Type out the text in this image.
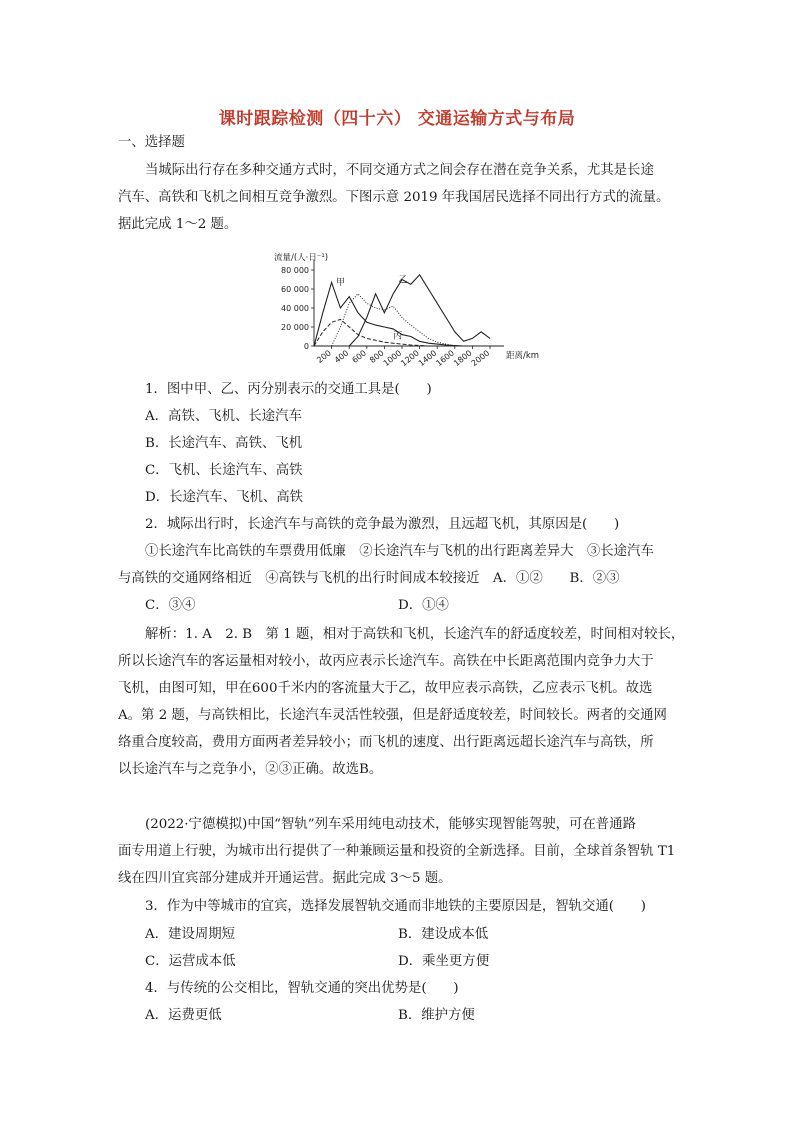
课时跟踪检测（四十六） 交通运输方式与布局
一、选择题
当城际出行存在多种交通方式时，不同交通方式之间会存在潜在竞争关系，尤其是长途
汽车、高铁和飞机之间相互竞争激烈。下图示意 2019 年我国居民选择不同出行方式的流量。
据此完成 1～2 题。
流量/(人·日⁻¹)
0
20 000
40 000
60 000
80 000
200 400 600 800
1000
1200
1400
1600
1800
2000 距离/km
甲	乙
丙
1．图中甲、乙、丙分别表示的交通工具是(　　)
A．高铁、飞机、长途汽车
B．长途汽车、高铁、飞机
C．飞机、长途汽车、高铁
D．长途汽车、飞机、高铁
2．城际出行时，长途汽车与高铁的竞争最为激烈，且远超飞机，其原因是(　　)
①长途汽车比高铁的车票费用低廉　②长途汽车与飞机的出行距离差异大　③长途汽车
与高铁的交通网络相近　④高铁与飞机的出行时间成本较接近　A．①②　　B．②③
C．③④	D．①④
解析：1. A　2. B　第 1 题，相对于高铁和飞机，长途汽车的舒适度较差，时间相对较长，
所以长途汽车的客运量相对较小，故丙应表示长途汽车。高铁在中长距离范围内竞争力大于
飞机，由图可知，甲在600千米内的客流量大于乙，故甲应表示高铁，乙应表示飞机。故选
A。第 2 题，与高铁相比，长途汽车灵活性较强，但是舒适度较差，时间较长。两者的交通网
络重合度较高，费用方面两者差异较小；而飞机的速度、出行距离远超长途汽车与高铁，所
以长途汽车与之竞争小，②③正确。故选B。
(2022·宁德模拟)中国“智轨”列车采用纯电动技术，能够实现智能驾驶，可在普通路
面专用道上行驶，为城市出行提供了一种兼顾运量和投资的全新选择。目前，全球首条智轨 T1
线在四川宜宾部分建成并开通运营。据此完成 3～5 题。
3．作为中等城市的宜宾，选择发展智轨交通而非地铁的主要原因是，智轨交通(　　)
A．建设周期短	B．建设成本低
C．运营成本低	D．乘坐更方便
4．与传统的公交相比，智轨交通的突出优势是(　　)
A．运费更低	B．维护方便
